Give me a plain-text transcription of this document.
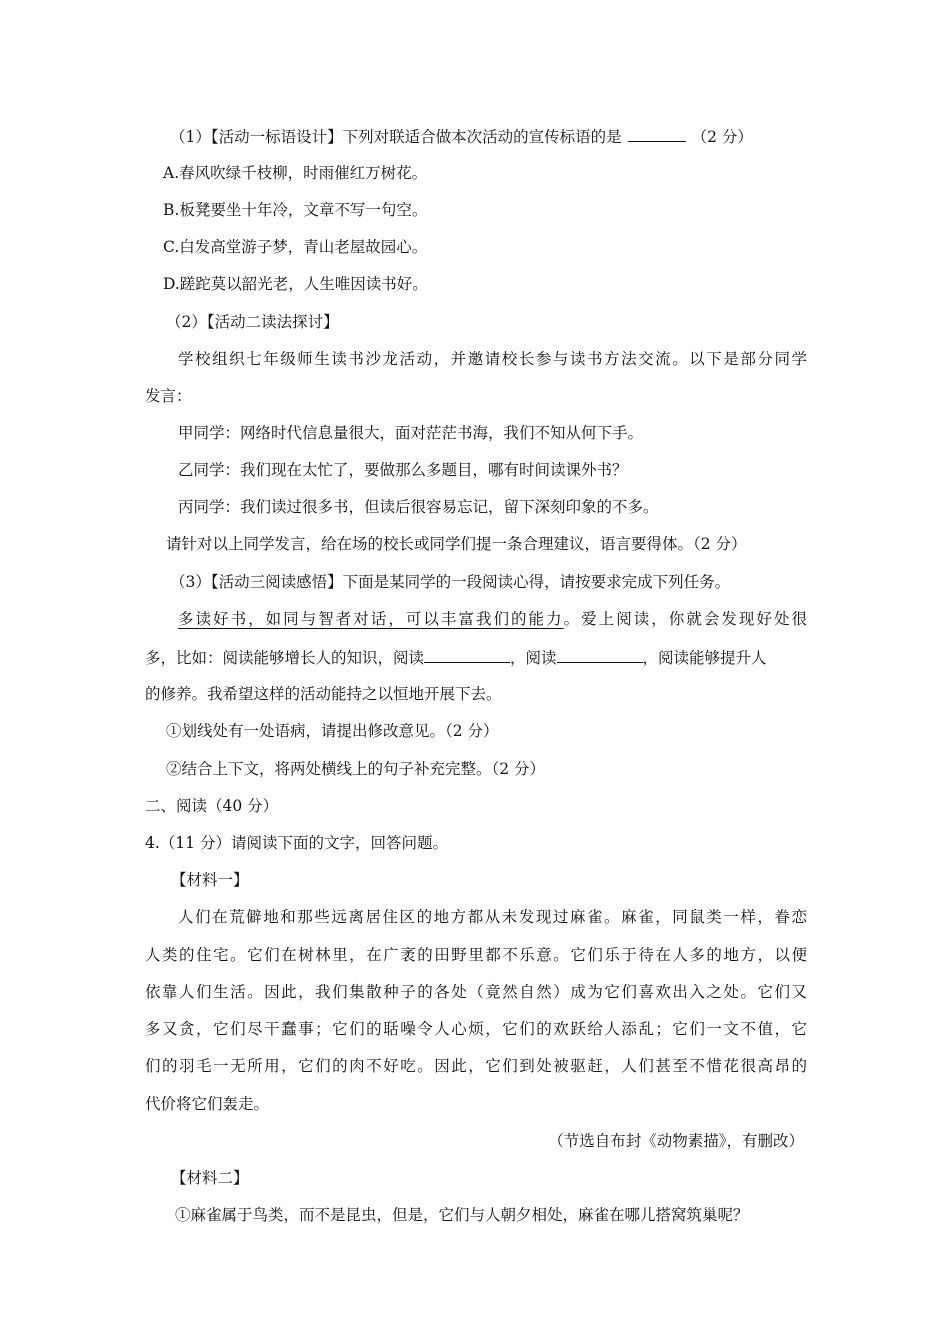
（1）【活动一标语设计】下列对联适合做本次活动的宣传标语的是	（2 分）
A.春风吹绿千枝柳，时雨催红万树花。
B.板凳要坐十年冷，文章不写一句空。
C.白发高堂游子梦，青山老屋故园心。
D.蹉跎莫以韶光老，人生唯因读书好。
（2）【活动二读法探讨】
学校组织七年级师生读书沙龙活动，并邀请校长参与读书方法交流。以下是部分同学
发言：
甲同学：网络时代信息量很大，面对茫茫书海，我们不知从何下手。
乙同学：我们现在太忙了，要做那么多题目，哪有时间读课外书？
丙同学：我们读过很多书，但读后很容易忘记，留下深刻印象的不多。
请针对以上同学发言，给在场的校长或同学们提一条合理建议，语言要得体。（2 分）
（3）【活动三阅读感悟】下面是某同学的一段阅读心得，请按要求完成下列任务。
多读好书，如同与智者对话，可以丰富我们的能力。爱上阅读，你就会发现好处很
多，比如：阅读能够增长人的知识，阅读	，阅读	，阅读能够提升人
的修养。我希望这样的活动能持之以恒地开展下去。
①划线处有一处语病，请提出修改意见。（2 分）
②结合上下文，将两处横线上的句子补充完整。（2 分）
二、阅读（40 分）
4.（11 分）请阅读下面的文字，回答问题。
【材料一】
人们在荒僻地和那些远离居住区的地方都从未发现过麻雀。麻雀，同鼠类一样，眷恋
人类的住宅。它们在树林里，在广袤的田野里都不乐意。它们乐于待在人多的地方，以便
依靠人们生活。因此，我们集散种子的各处（竟然自然）成为它们喜欢出入之处。它们又
多又贪，它们尽干蠢事；它们的聒噪令人心烦，它们的欢跃给人添乱；它们一文不值，它
们的羽毛一无所用，它们的肉不好吃。因此，它们到处被驱赶，人们甚至不惜花很高昂的
代价将它们轰走。
（节选自布封《动物素描》，有删改）
【材料二】
①麻雀属于鸟类，而不是昆虫，但是，它们与人朝夕相处，麻雀在哪儿搭窝筑巢呢？
